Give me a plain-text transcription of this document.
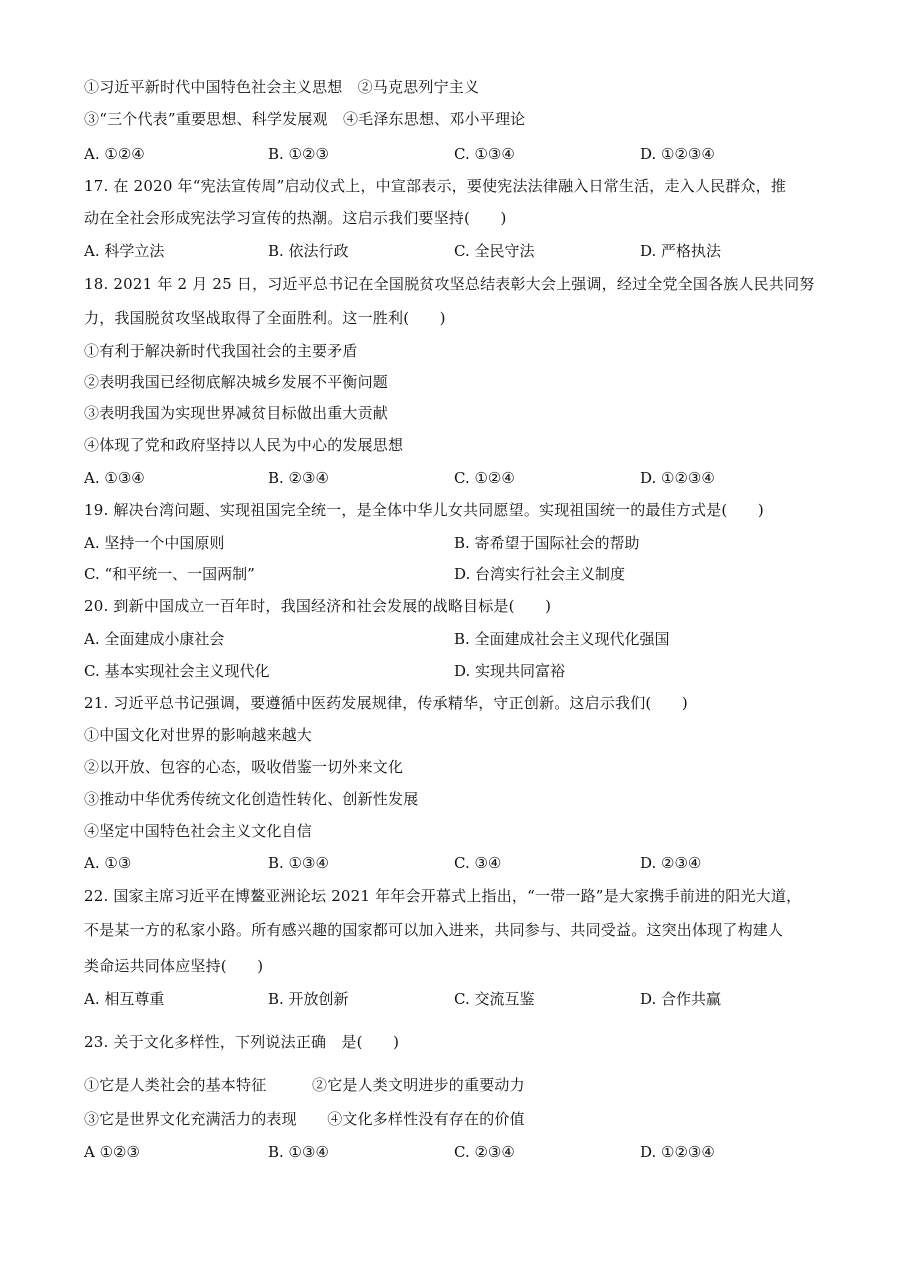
①习近平新时代中国特色社会主义思想　②马克思列宁主义
③“三个代表”重要思想、科学发展观　④毛泽东思想、邓小平理论
A. ①②④	B. ①②③	C. ①③④	D. ①②③④
17. 在 2020 年“宪法宣传周”启动仪式上，中宣部表示，要使宪法法律融入日常生活，走入人民群众，推
动在全社会形成宪法学习宣传的热潮。这启示我们要坚持(　　)
A. 科学立法	B. 依法行政	C. 全民守法	D. 严格执法
18. 2021 年 2 月 25 日，习近平总书记在全国脱贫攻坚总结表彰大会上强调，经过全党全国各族人民共同努
力，我国脱贫攻坚战取得了全面胜利。这一胜利(　　)
①有利于解决新时代我国社会的主要矛盾
②表明我国已经彻底解决城乡发展不平衡问题
③表明我国为实现世界减贫目标做出重大贡献
④体现了党和政府坚持以人民为中心的发展思想
A. ①③④	B. ②③④	C. ①②④	D. ①②③④
19. 解决台湾问题、实现祖国完全统一，是全体中华儿女共同愿望。实现祖国统一的最佳方式是(　　)
A. 坚持一个中国原则	B. 寄希望于国际社会的帮助
C. “和平统一、一国两制”	D. 台湾实行社会主义制度
20. 到新中国成立一百年时，我国经济和社会发展的战略目标是(　　)
A. 全面建成小康社会	B. 全面建成社会主义现代化强国
C. 基本实现社会主义现代化	D. 实现共同富裕
21. 习近平总书记强调，要遵循中医药发展规律，传承精华，守正创新。这启示我们(　　)
①中国文化对世界的影响越来越大
②以开放、包容的心态，吸收借鉴一切外来文化
③推动中华优秀传统文化创造性转化、创新性发展
④坚定中国特色社会主义文化自信
A. ①③	B. ①③④	C. ③④	D. ②③④
22. 国家主席习近平在博鳌亚洲论坛 2021 年年会开幕式上指出，“一带一路”是大家携手前进的阳光大道，
不是某一方的私家小路。所有感兴趣的国家都可以加入进来，共同参与、共同受益。这突出体现了构建人
类命运共同体应坚持(　　)
A. 相互尊重	B. 开放创新	C. 交流互鉴	D. 合作共赢
23. 关于文化多样性，下列说法正确　是(　　)
①它是人类社会的基本特征　　　②它是人类文明进步的重要动力
③它是世界文化充满活力的表现　　④文化多样性没有存在的价值
A ①②③	B. ①③④	C. ②③④	D. ①②③④
